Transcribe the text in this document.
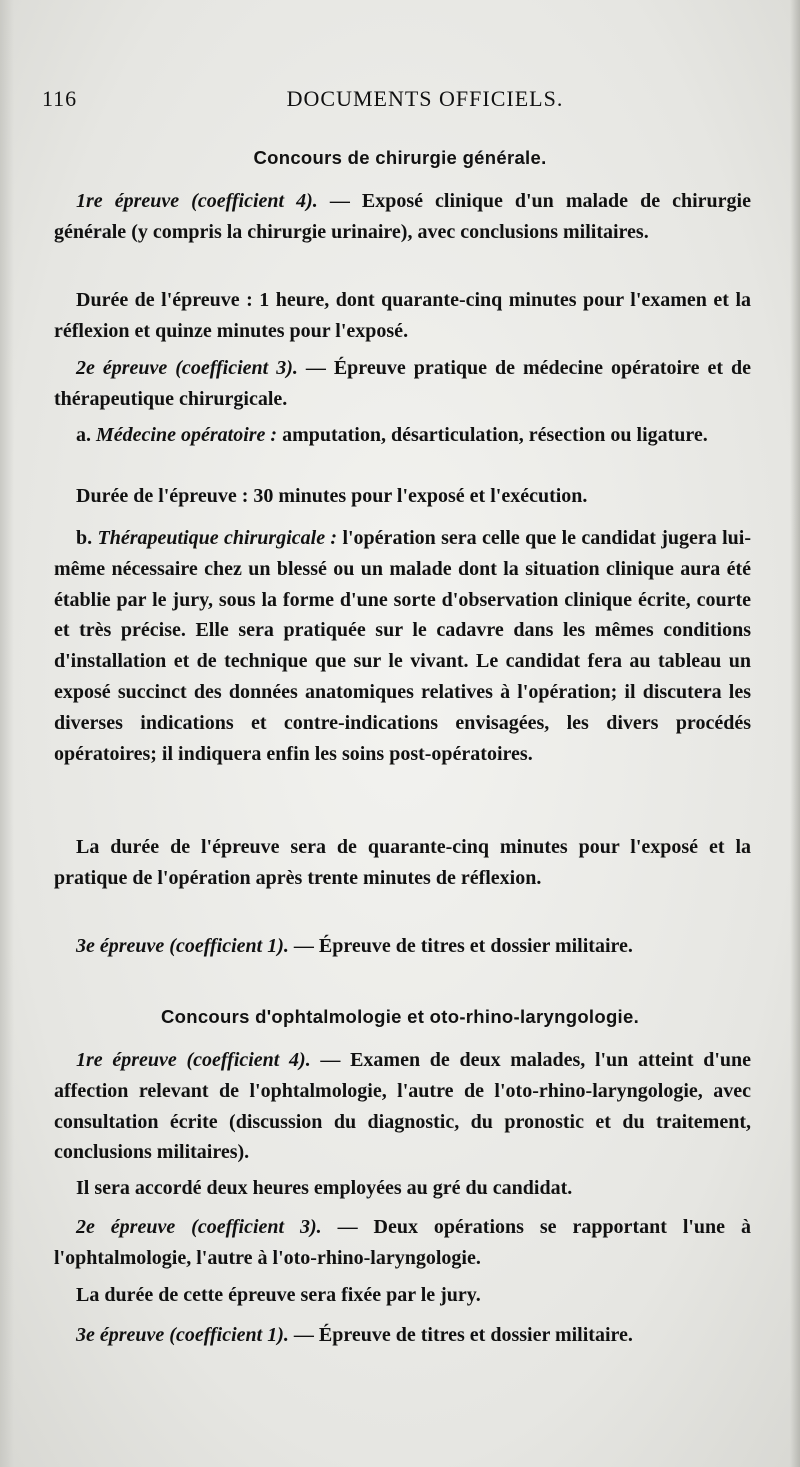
116	DOCUMENTS OFFICIELS.
Concours de chirurgie générale.

1re épreuve (coefficient 4). — Exposé clinique d'un malade de chirurgie générale (y compris la chirurgie urinaire), avec conclusions militaires.

Durée de l'épreuve : 1 heure, dont quarante-cinq minutes pour l'examen et la réflexion et quinze minutes pour l'exposé.

2e épreuve (coefficient 3). — Épreuve pratique de médecine opératoire et de thérapeutique chirurgicale.

a. Médecine opératoire : amputation, désarticulation, résection ou ligature.

Durée de l'épreuve : 30 minutes pour l'exposé et l'exécution.

b. Thérapeutique chirurgicale : l'opération sera celle que le candidat jugera lui-même nécessaire chez un blessé ou un malade dont la situation clinique aura été établie par le jury, sous la forme d'une sorte d'observation clinique écrite, courte et très précise. Elle sera pratiquée sur le cadavre dans les mêmes conditions d'installation et de technique que sur le vivant. Le candidat fera au tableau un exposé succinct des données anatomiques relatives à l'opération; il discutera les diverses indications et contre-indications envisagées, les divers procédés opératoires; il indiquera enfin les soins post-opératoires.

La durée de l'épreuve sera de quarante-cinq minutes pour l'exposé et la pratique de l'opération après trente minutes de réflexion.

3e épreuve (coefficient 1). — Épreuve de titres et dossier militaire.

Concours d'ophtalmologie et oto-rhino-laryngologie.

1re épreuve (coefficient 4). — Examen de deux malades, l'un atteint d'une affection relevant de l'ophtalmologie, l'autre de l'oto-rhino-laryngologie, avec consultation écrite (discussion du diagnostic, du pronostic et du traitement, conclusions militaires).

Il sera accordé deux heures employées au gré du candidat.

2e épreuve (coefficient 3). — Deux opérations se rapportant l'une à l'ophtalmologie, l'autre à l'oto-rhino-laryngologie.

La durée de cette épreuve sera fixée par le jury.

3e épreuve (coefficient 1). — Épreuve de titres et dossier militaire.
